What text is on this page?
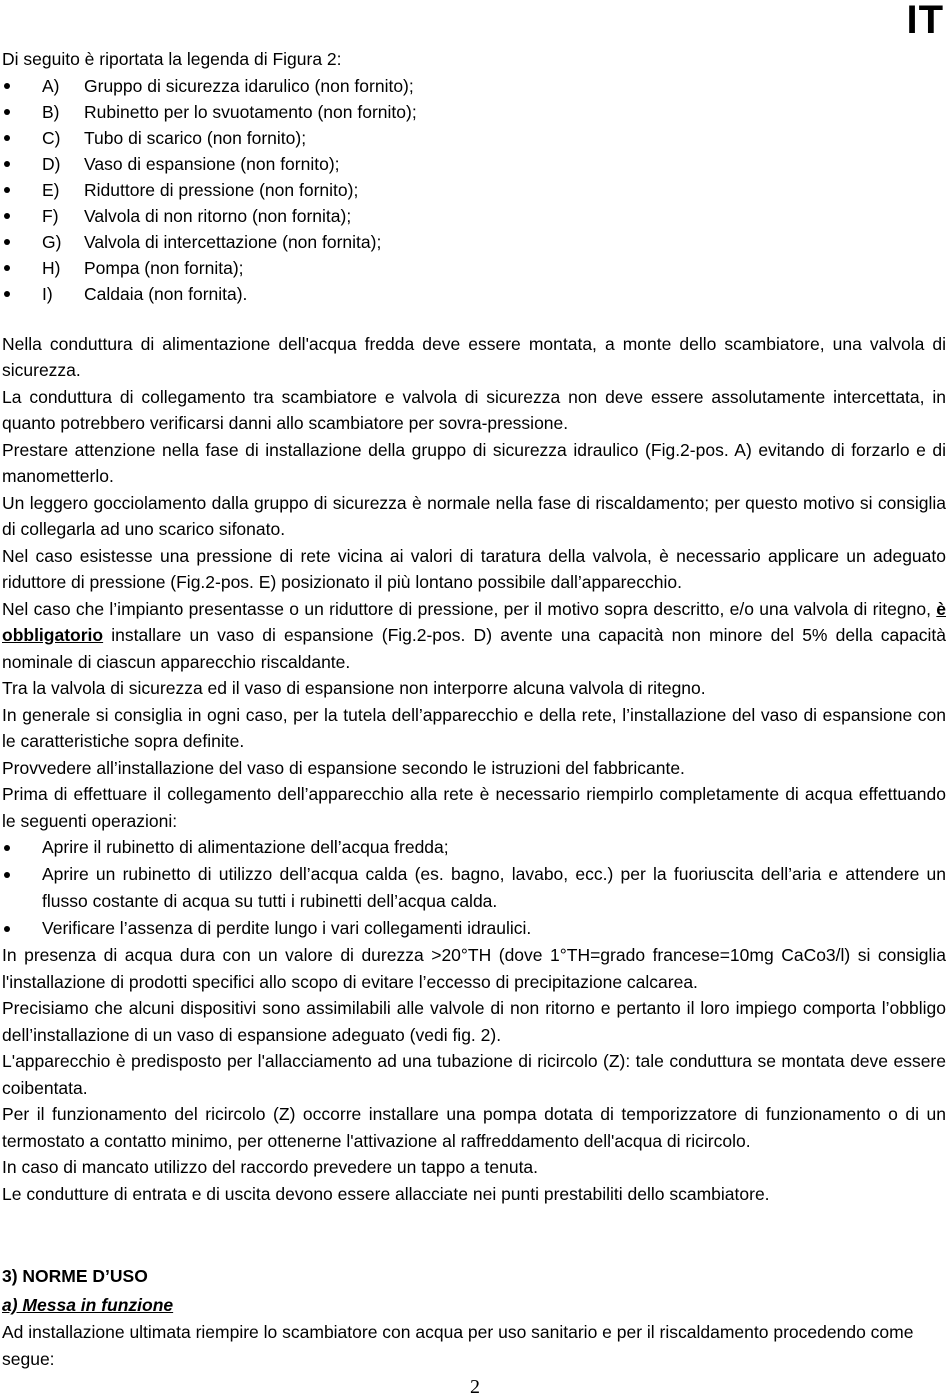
IT

Di seguito è riportata la legenda di Figura 2:

A) Gruppo di sicurezza idarulico (non fornito);
B) Rubinetto per lo svuotamento (non fornito);
C) Tubo di scarico (non fornito);
D) Vaso di espansione (non fornito);
E) Riduttore di pressione (non fornito);
F) Valvola di non ritorno (non fornita);
G) Valvola di intercettazione (non fornita);
H) Pompa (non fornita);
I) Caldaia (non fornita).

Nella conduttura di alimentazione dell'acqua fredda deve essere montata, a monte dello scambiatore, una valvola di sicurezza.

La conduttura di collegamento tra scambiatore e valvola di sicurezza non deve essere assolutamente intercettata, in quanto potrebbero verificarsi danni allo scambiatore per sovra-pressione.

Prestare attenzione nella fase di installazione della gruppo di sicurezza idraulico (Fig.2-pos. A) evitando di forzarlo e di manometterlo.

Un leggero gocciolamento dalla gruppo di sicurezza è normale nella fase di riscaldamento; per questo motivo si consiglia di collegarla ad uno scarico sifonato.

Nel caso esistesse una pressione di rete vicina ai valori di taratura della valvola, è necessario applicare un adeguato riduttore di pressione (Fig.2-pos. E) posizionato il più lontano possibile dall’apparecchio.

Nel caso che l’impianto presentasse o un riduttore di pressione, per il motivo sopra descritto, e/o una valvola di ritegno, è obbligatorio installare un vaso di espansione (Fig.2-pos. D) avente una capacità non minore del 5% della capacità nominale di ciascun apparecchio riscaldante.

Tra la valvola di sicurezza ed il vaso di espansione non interporre alcuna valvola di ritegno.

In generale si consiglia in ogni caso, per la tutela dell’apparecchio e della rete, l’installazione del vaso di espansione con le caratteristiche sopra definite.

Provvedere all’installazione del vaso di espansione secondo le istruzioni del fabbricante.

Prima di effettuare il collegamento dell’apparecchio alla rete è necessario riempirlo completamente di acqua effettuando le seguenti operazioni:

Aprire il rubinetto di alimentazione dell’acqua fredda;
Aprire un rubinetto di utilizzo dell’acqua calda (es. bagno, lavabo, ecc.) per la fuoriuscita dell’aria e attendere un flusso costante di acqua su tutti i rubinetti dell’acqua calda.
Verificare l’assenza di perdite lungo i vari collegamenti idraulici.

In presenza di acqua dura con un valore di durezza >20°TH (dove 1°TH=grado francese=10mg CaCo3/l) si consiglia l'installazione di prodotti specifici allo scopo di evitare l’eccesso di precipitazione calcarea.

Precisiamo che alcuni dispositivi sono assimilabili alle valvole di non ritorno e pertanto il loro impiego comporta l’obbligo dell’installazione di un vaso di espansione adeguato (vedi fig. 2).

L'apparecchio è predisposto per l'allacciamento ad una tubazione di ricircolo (Z): tale conduttura se montata deve essere coibentata.

Per il funzionamento del ricircolo (Z) occorre installare una pompa dotata di temporizzatore di funzionamento o di un termostato a contatto minimo, per ottenerne l'attivazione al raffreddamento dell'acqua di ricircolo.

In caso di mancato utilizzo del raccordo prevedere un tappo a tenuta.

Le condutture di entrata e di uscita devono essere allacciate nei punti prestabiliti dello scambiatore.

3) NORME D’USO
a) Messa in funzione

Ad installazione ultimata riempire lo scambiatore con acqua per uso sanitario e per il riscaldamento procedendo come segue:

2
